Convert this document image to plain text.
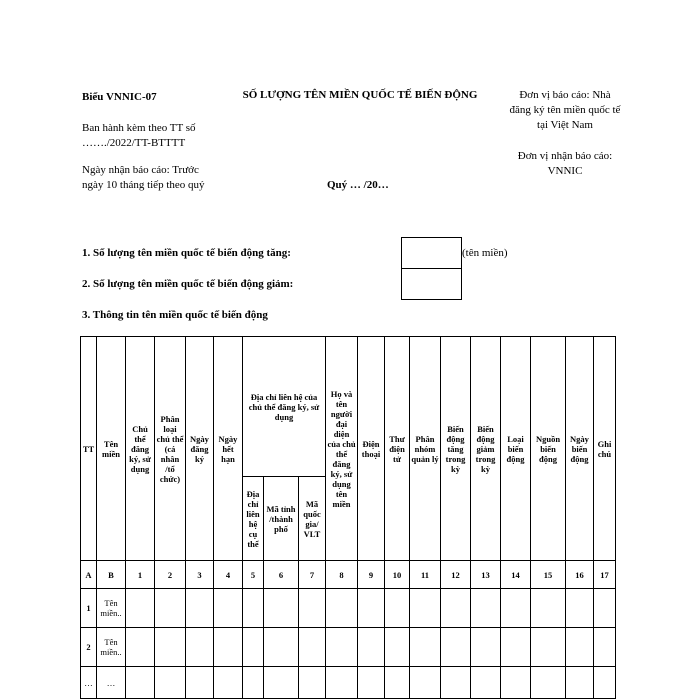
Biểu VNNIC-07	SỐ LƯỢNG TÊN MIỀN QUỐC TẾ BIẾN ĐỘNG
Ban hành kèm theo TT số
……./2022/TT-BTTTT
Ngày nhận báo cáo: Trước
ngày 10 tháng tiếp theo quý	Quý … /20…
Đơn vị báo cáo: Nhà
đăng ký tên miền quốc tế
tại Việt Nam
Đơn vị nhận báo cáo:
VNNIC
1. Số lượng tên miền quốc tế biến động tăng:	(tên miền)
2. Số lượng tên miền quốc tế biến động giảm:
3. Thông tin tên miền quốc tế biến động
TT	Tên miền	Chủ thể đăng ký, sử dụng	Phân loại chủ thể (cá nhân /tổ chức)	Ngày đăng ký	Ngày hết hạn	Địa chỉ liên hệ của chủ thể đăng ký, sử dụng			Họ và tên người đại diện của chủ thể đăng ký, sử dụng tên miền	Điện thoại	Thư điện tử	Phân nhóm quản lý	Biến động tăng trong kỳ	Biến động giảm trong kỳ	Loại biến động	Nguồn biến động	Ngày biến động	Ghi chú
						Địa chỉ liên hệ cụ thể	Mã tỉnh /thành phố	Mã quốc gia/ VLT										
A	B	1	2	3	4	5	6	7	8	9	10	11	12	13	14	15	16	17
1	Tên miền..																	
2	Tên miền..																	
…	…																	
